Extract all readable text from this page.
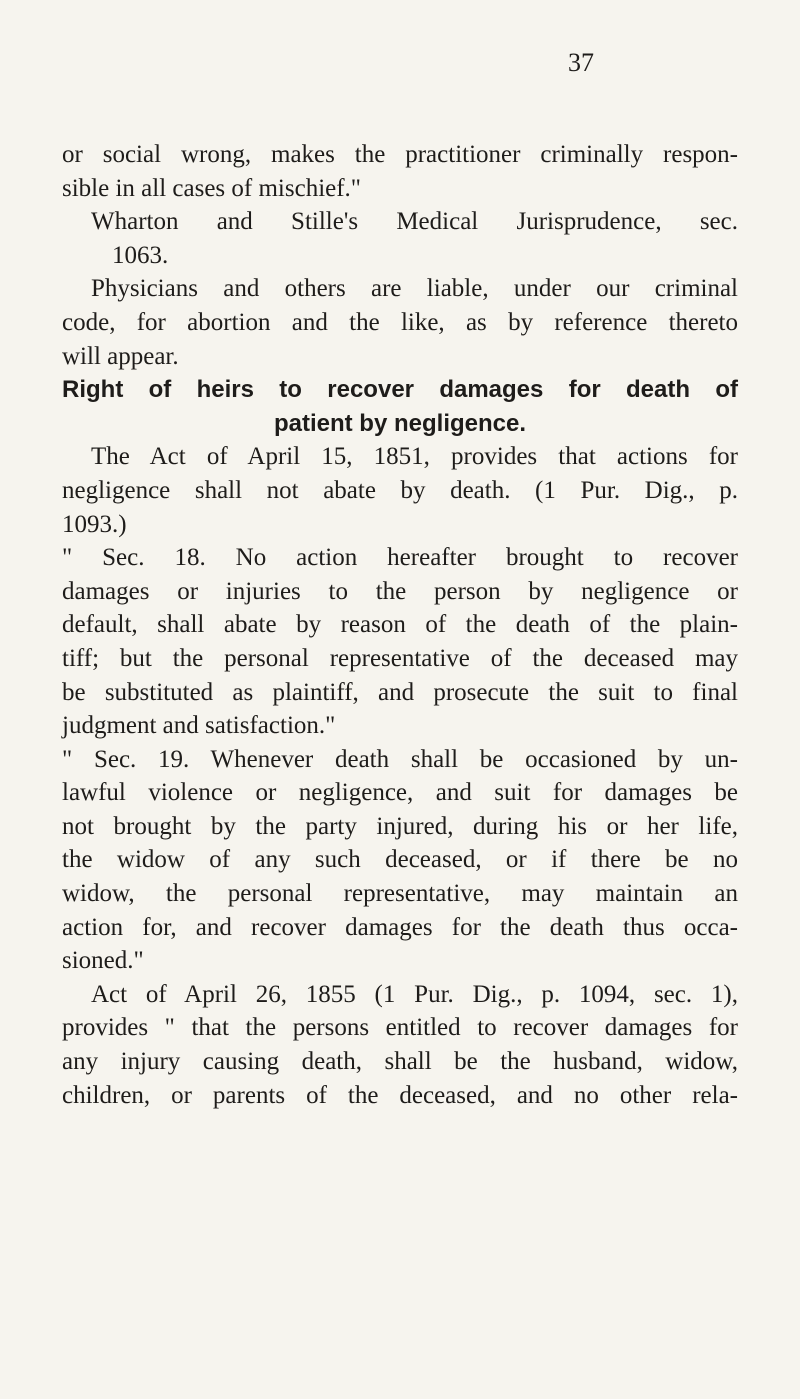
37
or social wrong, makes the practitioner criminally respon-
sible in all cases of mischief."
Wharton and Stille's Medical Jurisprudence, sec.
1063.
Physicians and others are liable, under our criminal
code, for abortion and the like, as by reference thereto
will appear.
Right of heirs to recover damages for death of
patient by negligence.
The Act of April 15, 1851, provides that actions for
negligence shall not abate by death. (1 Pur. Dig., p.
1093.)
" Sec. 18. No action hereafter brought to recover
damages or injuries to the person by negligence or
default, shall abate by reason of the death of the plain-
tiff; but the personal representative of the deceased may
be substituted as plaintiff, and prosecute the suit to final
judgment and satisfaction."
" Sec. 19. Whenever death shall be occasioned by un-
lawful violence or negligence, and suit for damages be
not brought by the party injured, during his or her life,
the widow of any such deceased, or if there be no
widow, the personal representative, may maintain an
action for, and recover damages for the death thus occa-
sioned."
Act of April 26, 1855 (1 Pur. Dig., p. 1094, sec. 1),
provides " that the persons entitled to recover damages for
any injury causing death, shall be the husband, widow,
children, or parents of the deceased, and no other rela-
